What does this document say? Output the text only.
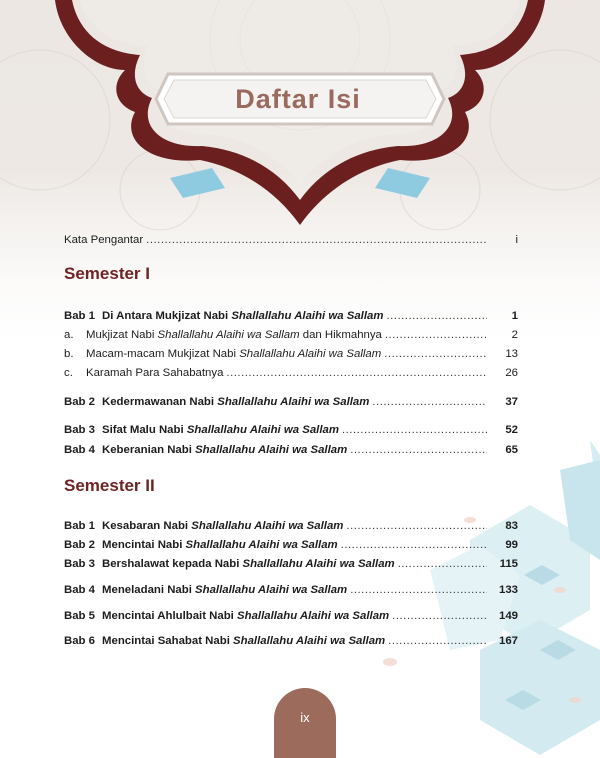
Daftar Isi
Kata Pengantar .....	i
Semester I
Bab 1 Di Antara Mukjizat Nabi Shallallahu Alaihi wa Sallam .....	1
a. Mukjizat Nabi Shallallahu Alaihi wa Sallam dan Hikmahnya .....	2
b. Macam-macam Mukjizat Nabi Shallallahu Alaihi wa Sallam .....	13
c. Karamah Para Sahabatnya .....	26
Bab 2 Kedermawanan Nabi Shallallahu Alaihi wa Sallam .....	37
Bab 3 Sifat Malu Nabi Shallallahu Alaihi wa Sallam .....	52
Bab 4 Keberanian Nabi Shallallahu Alaihi wa Sallam .....	65
Semester II
Bab 1 Kesabaran Nabi Shallallahu Alaihi wa Sallam .....	83
Bab 2 Mencintai Nabi Shallallahu Alaihi wa Sallam .....	99
Bab 3 Bershalawat kepada Nabi Shallallahu Alaihi wa Sallam .....	115
Bab 4 Meneladani Nabi Shallallahu Alaihi wa Sallam .....	133
Bab 5 Mencintai Ahlulbait Nabi Shallallahu Alaihi wa Sallam .....	149
Bab 6 Mencintai Sahabat Nabi Shallallahu Alaihi wa Sallam .....	167
ix
